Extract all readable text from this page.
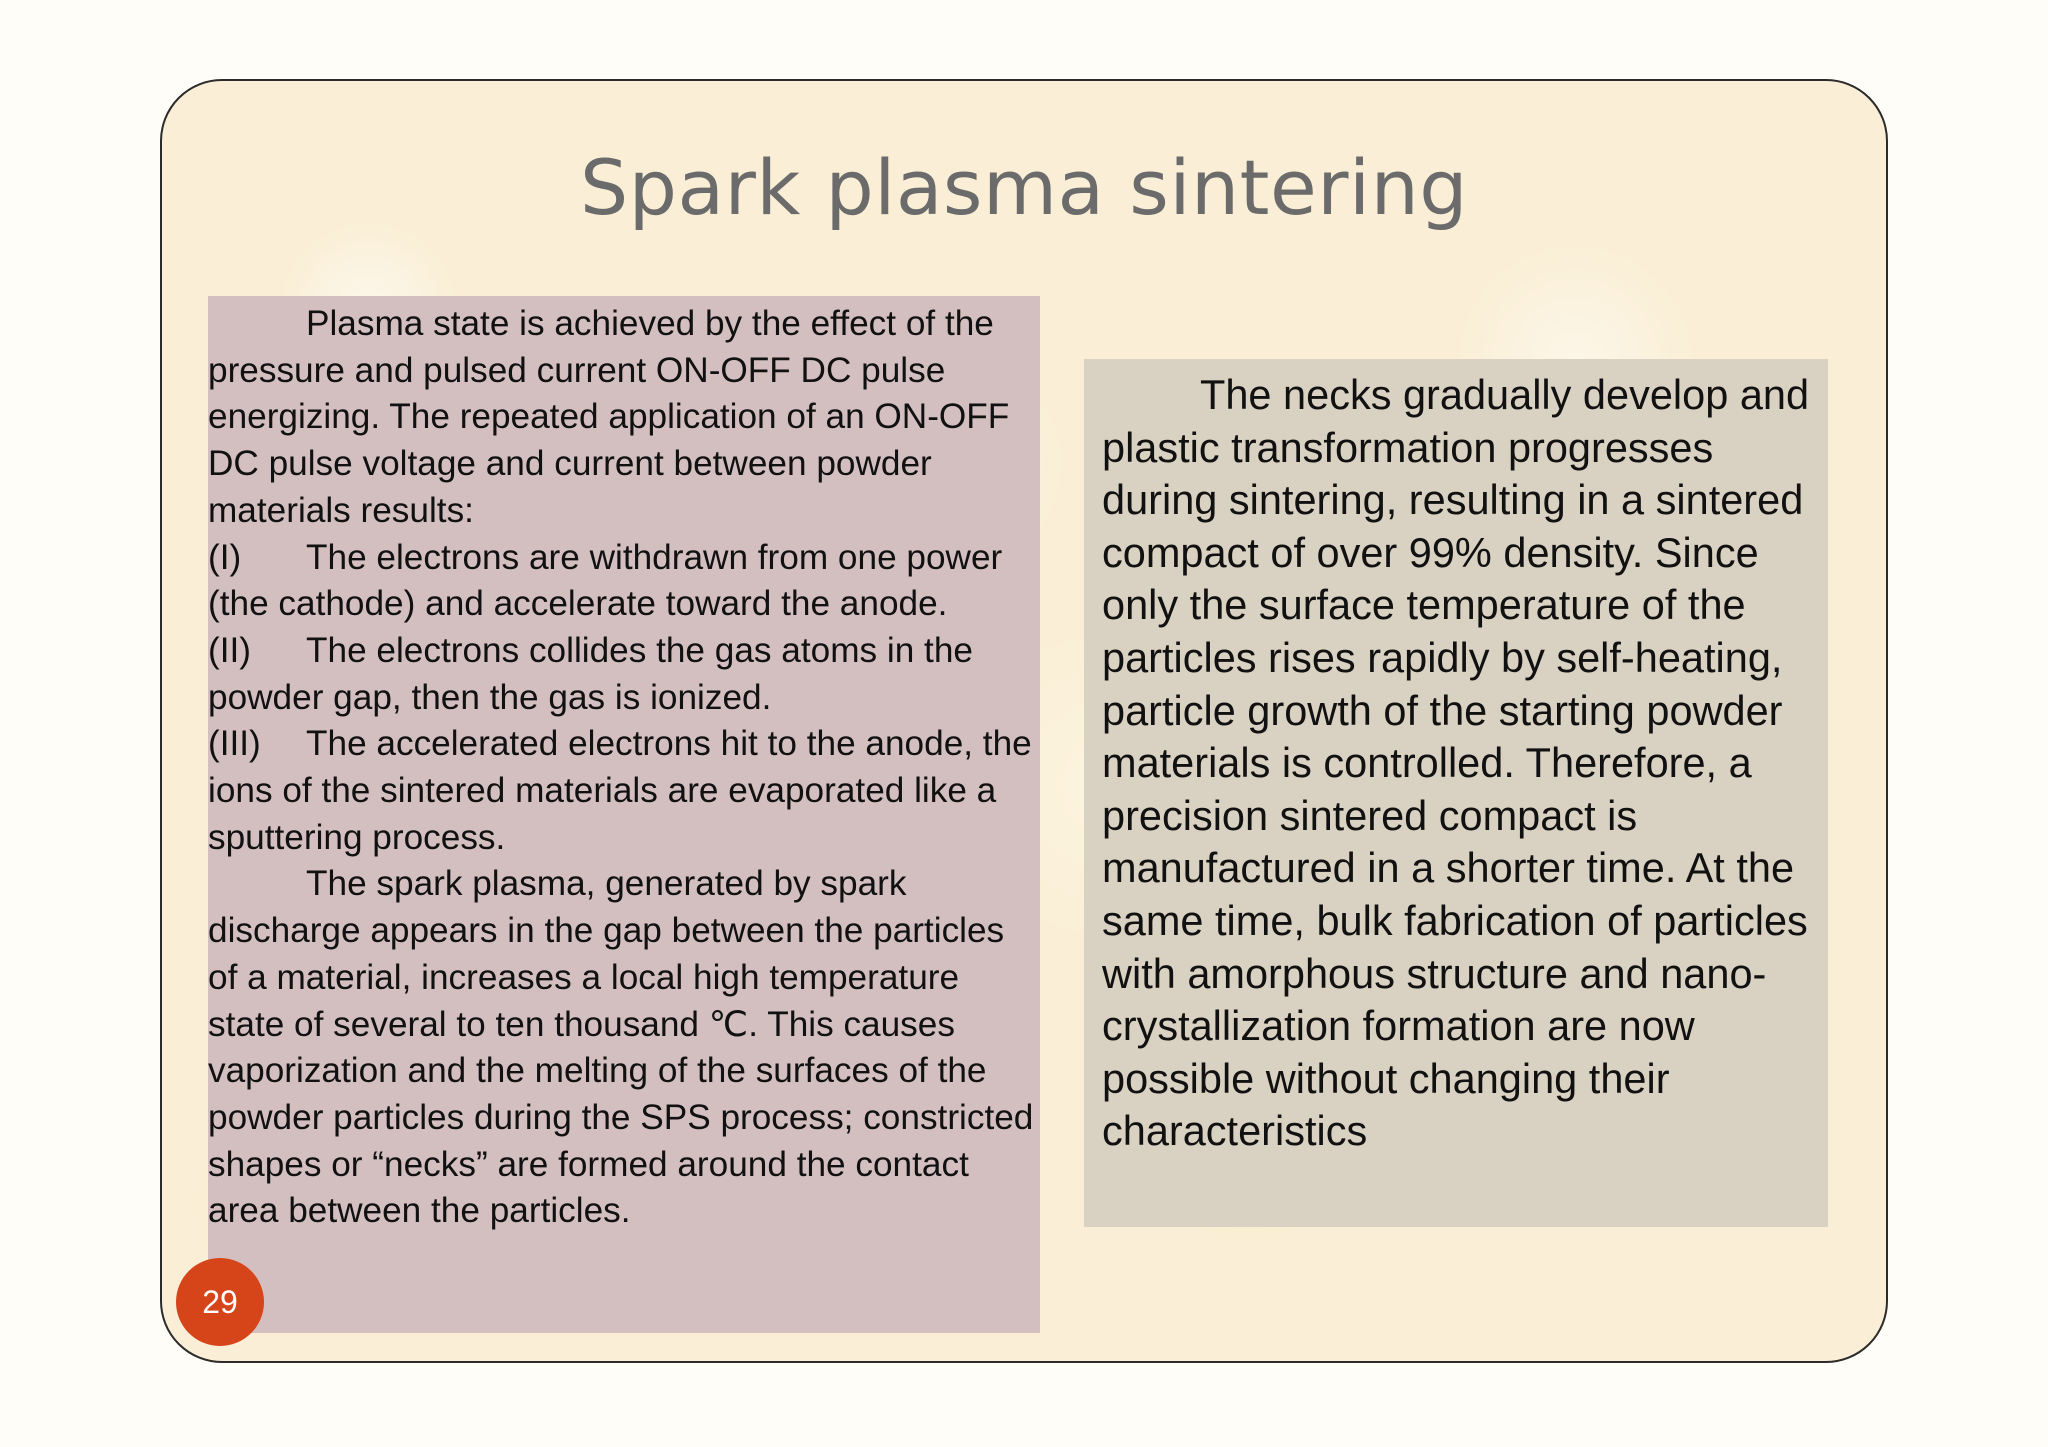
Spark plasma sintering

Plasma state is achieved by the effect of the pressure and pulsed current ON-OFF DC pulse energizing. The repeated application of an ON-OFF DC pulse voltage and current between powder materials results:

(I) The electrons are withdrawn from one power (the cathode) and accelerate toward the anode.

(II) The electrons collides the gas atoms in the powder gap, then the gas is ionized.

(III) The accelerated electrons hit to the anode, the ions of the sintered materials are evaporated like a sputtering process.

The spark plasma, generated by spark discharge appears in the gap between the particles of a material, increases a local high temperature state of several to ten thousand ℃. This causes vaporization and the melting of the surfaces of the powder particles during the SPS process; constricted shapes or “necks” are formed around the contact area between the particles.

The necks gradually develop and plastic transformation progresses during sintering, resulting in a sintered compact of over 99% density. Since only the surface temperature of the particles rises rapidly by self-heating, particle growth of the starting powder materials is controlled. Therefore, a precision sintered compact is manufactured in a shorter time. At the same time, bulk fabrication of particles with amorphous structure and nano-crystallization formation are now possible without changing their characteristics

29
